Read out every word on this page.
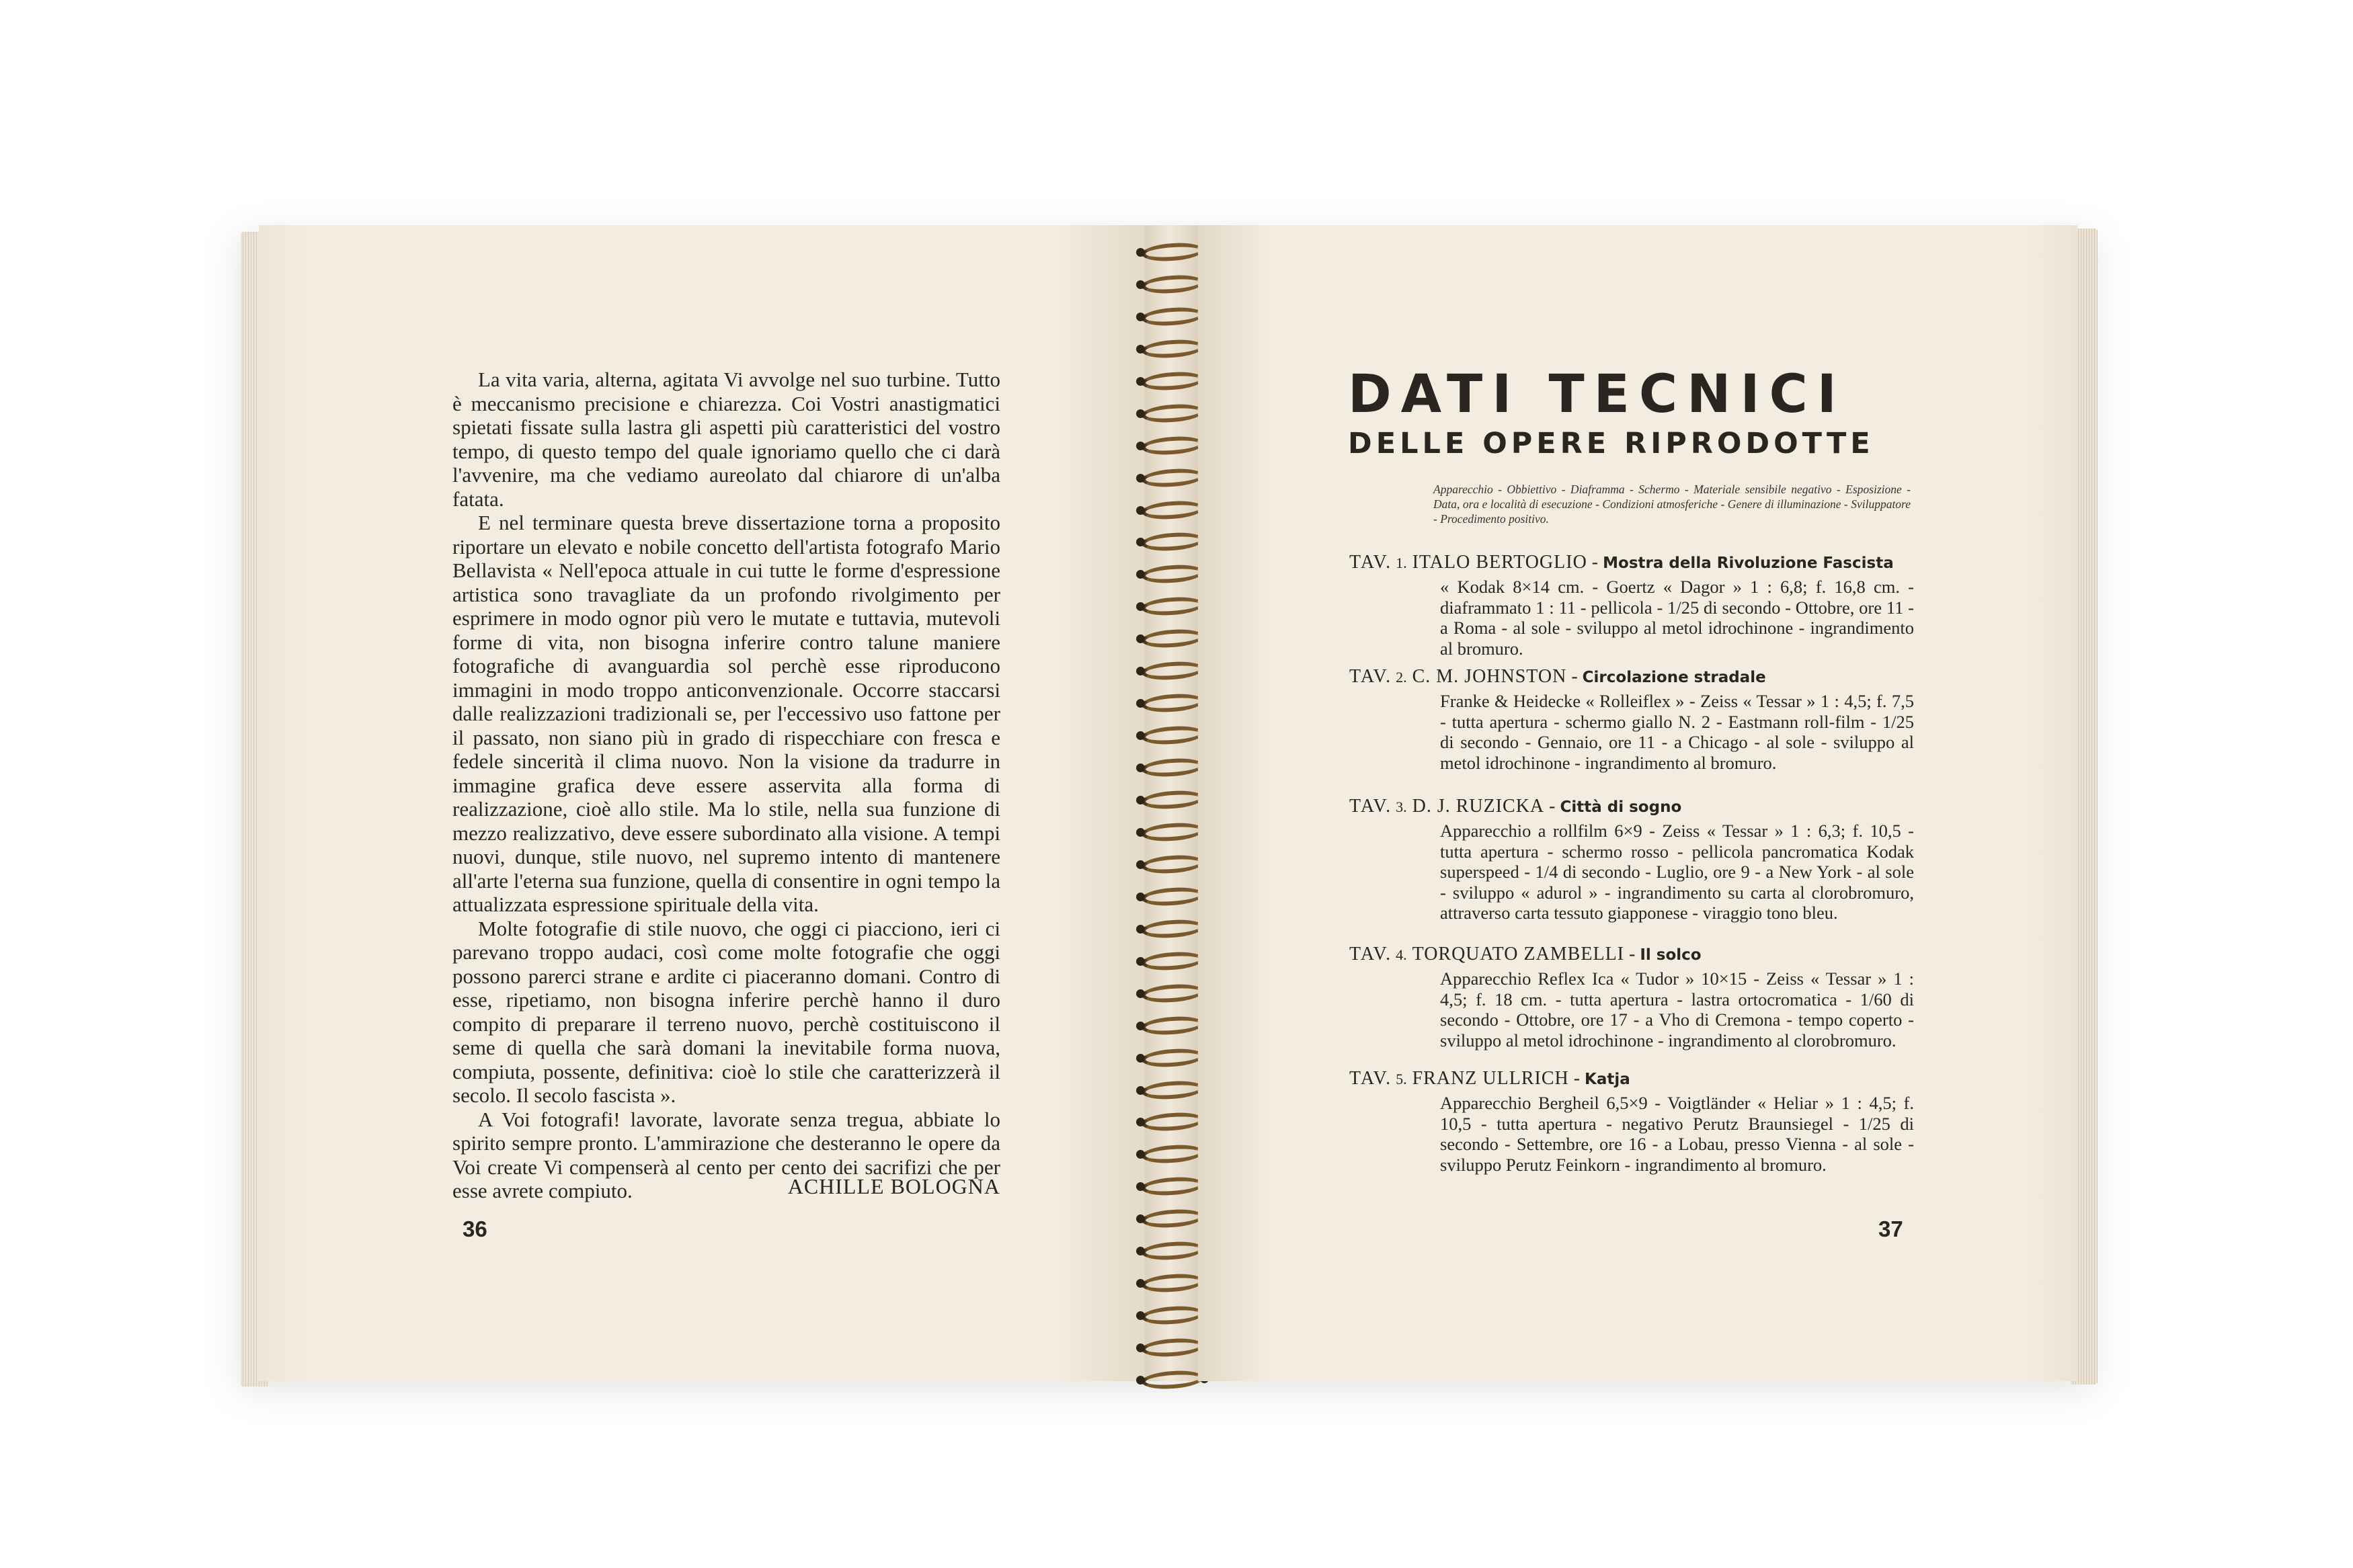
La vita varia, alterna, agitata Vi avvolge nel suo turbine. Tutto è meccanismo precisione e chiarezza. Coi Vostri anastigmatici spietati fissate sulla lastra gli aspetti più caratteristici del vostro tempo, di questo tempo del quale ignoriamo quello che ci darà l'avvenire, ma che vediamo aureolato dal chiarore di un'alba fatata.

E nel terminare questa breve dissertazione torna a proposito riportare un elevato e nobile concetto dell'artista fotografo Mario Bellavista « Nell'epoca attuale in cui tutte le forme d'espressione artistica sono travagliate da un profondo rivolgimento per esprimere in modo ognor più vero le mutate e tuttavia, mutevoli forme di vita, non bisogna inferire contro talune maniere fotografiche di avanguardia sol perchè esse riproducono immagini in modo troppo anticonvenzionale. Occorre staccarsi dalle realizzazioni tradizionali se, per l'eccessivo uso fattone per il passato, non siano più in grado di rispecchiare con fresca e fedele sincerità il clima nuovo. Non la visione da tradurre in immagine grafica deve essere asservita alla forma di realizzazione, cioè allo stile. Ma lo stile, nella sua funzione di mezzo realizzativo, deve essere subordinato alla visione. A tempi nuovi, dunque, stile nuovo, nel supremo intento di mantenere all'arte l'eterna sua funzione, quella di consentire in ogni tempo la attualizzata espressione spirituale della vita.

Molte fotografie di stile nuovo, che oggi ci piacciono, ieri ci parevano troppo audaci, così come molte fotografie che oggi possono parerci strane e ardite ci piaceranno domani. Contro di esse, ripetiamo, non bisogna inferire perchè hanno il duro compito di preparare il terreno nuovo, perchè costituiscono il seme di quella che sarà domani la inevitabile forma nuova, compiuta, possente, definitiva: cioè lo stile che caratterizzerà il secolo. Il secolo fascista ».

A Voi fotografi! lavorate, lavorate senza tregua, abbiate lo spirito sempre pronto. L'ammirazione che desteranno le opere da Voi create Vi compenserà al cento per cento dei sacrifizi che per esse avrete compiuto.	ACHILLE BOLOGNA
36
DATI TECNICI
DELLE OPERE RIPRODOTTE
Apparecchio - Obbiettivo - Diaframma - Schermo - Materiale sensibile negativo - Esposizione - Data, ora e località di esecuzione - Condizioni atmosferiche - Genere di illuminazione - Sviluppatore - Procedimento positivo.
TAV. 1. ITALO BERTOGLIO - Mostra della Rivoluzione Fascista
« Kodak 8×14 cm. - Goertz « Dagor » 1 : 6,8; f. 16,8 cm. - diaframmato 1 : 11 - pellicola - 1/25 di secondo - Ottobre, ore 11 - a Roma - al sole - sviluppo al metol idrochinone - ingrandimento al bromuro.
TAV. 2. C. M. JOHNSTON - Circolazione stradale
Franke & Heidecke « Rolleiflex » - Zeiss « Tessar » 1 : 4,5; f. 7,5 - tutta apertura - schermo giallo N. 2 - Eastmann roll-film - 1/25 di secondo - Gennaio, ore 11 - a Chicago - al sole - sviluppo al metol idrochinone - ingrandimento al bromuro.
TAV. 3. D. J. RUZICKA - Città di sogno
Apparecchio a rollfilm 6×9 - Zeiss « Tessar » 1 : 6,3; f. 10,5 - tutta apertura - schermo rosso - pellicola pancromatica Kodak superspeed - 1/4 di secondo - Luglio, ore 9 - a New York - al sole - sviluppo « adurol » - ingrandimento su carta al clorobromuro, attraverso carta tessuto giapponese - viraggio tono bleu.
TAV. 4. TORQUATO ZAMBELLI - Il solco
Apparecchio Reflex Ica « Tudor » 10×15 - Zeiss « Tessar » 1 : 4,5; f. 18 cm. - tutta apertura - lastra ortocromatica - 1/60 di secondo - Ottobre, ore 17 - a Vho di Cremona - tempo coperto - sviluppo al metol idrochinone - ingrandimento al clorobromuro.
TAV. 5. FRANZ ULLRICH - Katja
Apparecchio Bergheil 6,5×9 - Voigtländer « Heliar » 1 : 4,5; f. 10,5 - tutta apertura - negativo Perutz Braunsiegel - 1/25 di secondo - Settembre, ore 16 - a Lobau, presso Vienna - al sole - sviluppo Perutz Feinkorn - ingrandimento al bromuro.
37
